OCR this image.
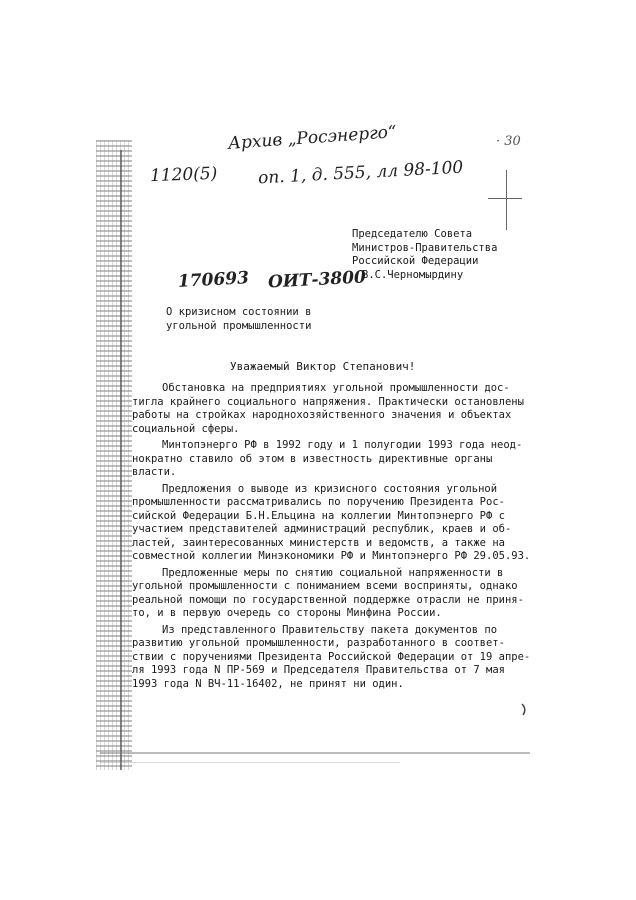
Архив „Росэнерго“
1120(5) оп. 1, д. 555, лл 98-100
· 30
170693 ОИТ-3800
Председателю Совета
Министров-Правительства
Российской Федерации
В.С.Черномырдину
О кризисном состоянии в
угольной промышленности
Уважаемый Виктор Степанович!
Обстановка на предприятиях угольной промышленности дос-
тигла крайнего социального напряжения. Практически остановлены
работы на стройках народнохозяйственного значения и объектах
социальной сферы.
Минтопэнерго РФ в 1992 году и 1 полугодии 1993 года неод-
нократно ставило об этом в известность директивные органы
власти.
Предложения о выводе из кризисного состояния угольной
промышленности рассматривались по поручению Президента Рос-
сийской Федерации Б.Н.Ельцина на коллегии Минтопэнерго РФ с
участием представителей администраций республик, краев и об-
ластей, заинтересованных министерств и ведомств, а также на
совместной коллегии Минэкономики РФ и Минтопэнерго РФ 29.05.93.
Предложенные меры по снятию социальной напряженности в
угольной промышленности с пониманием всеми восприняты, однако
реальной помощи по государственной поддержке отрасли не приня-
то, и в первую очередь со стороны Минфина России.
Из представленного Правительству пакета документов по
развитию угольной промышленности, разработанного в соответ-
ствии с поручениями Президента Российской Федерации от 19 апре-
ля 1993 года N ПР-569 и Председателя Правительства от 7 мая
1993 года N ВЧ-11-16402, не принят ни один.
